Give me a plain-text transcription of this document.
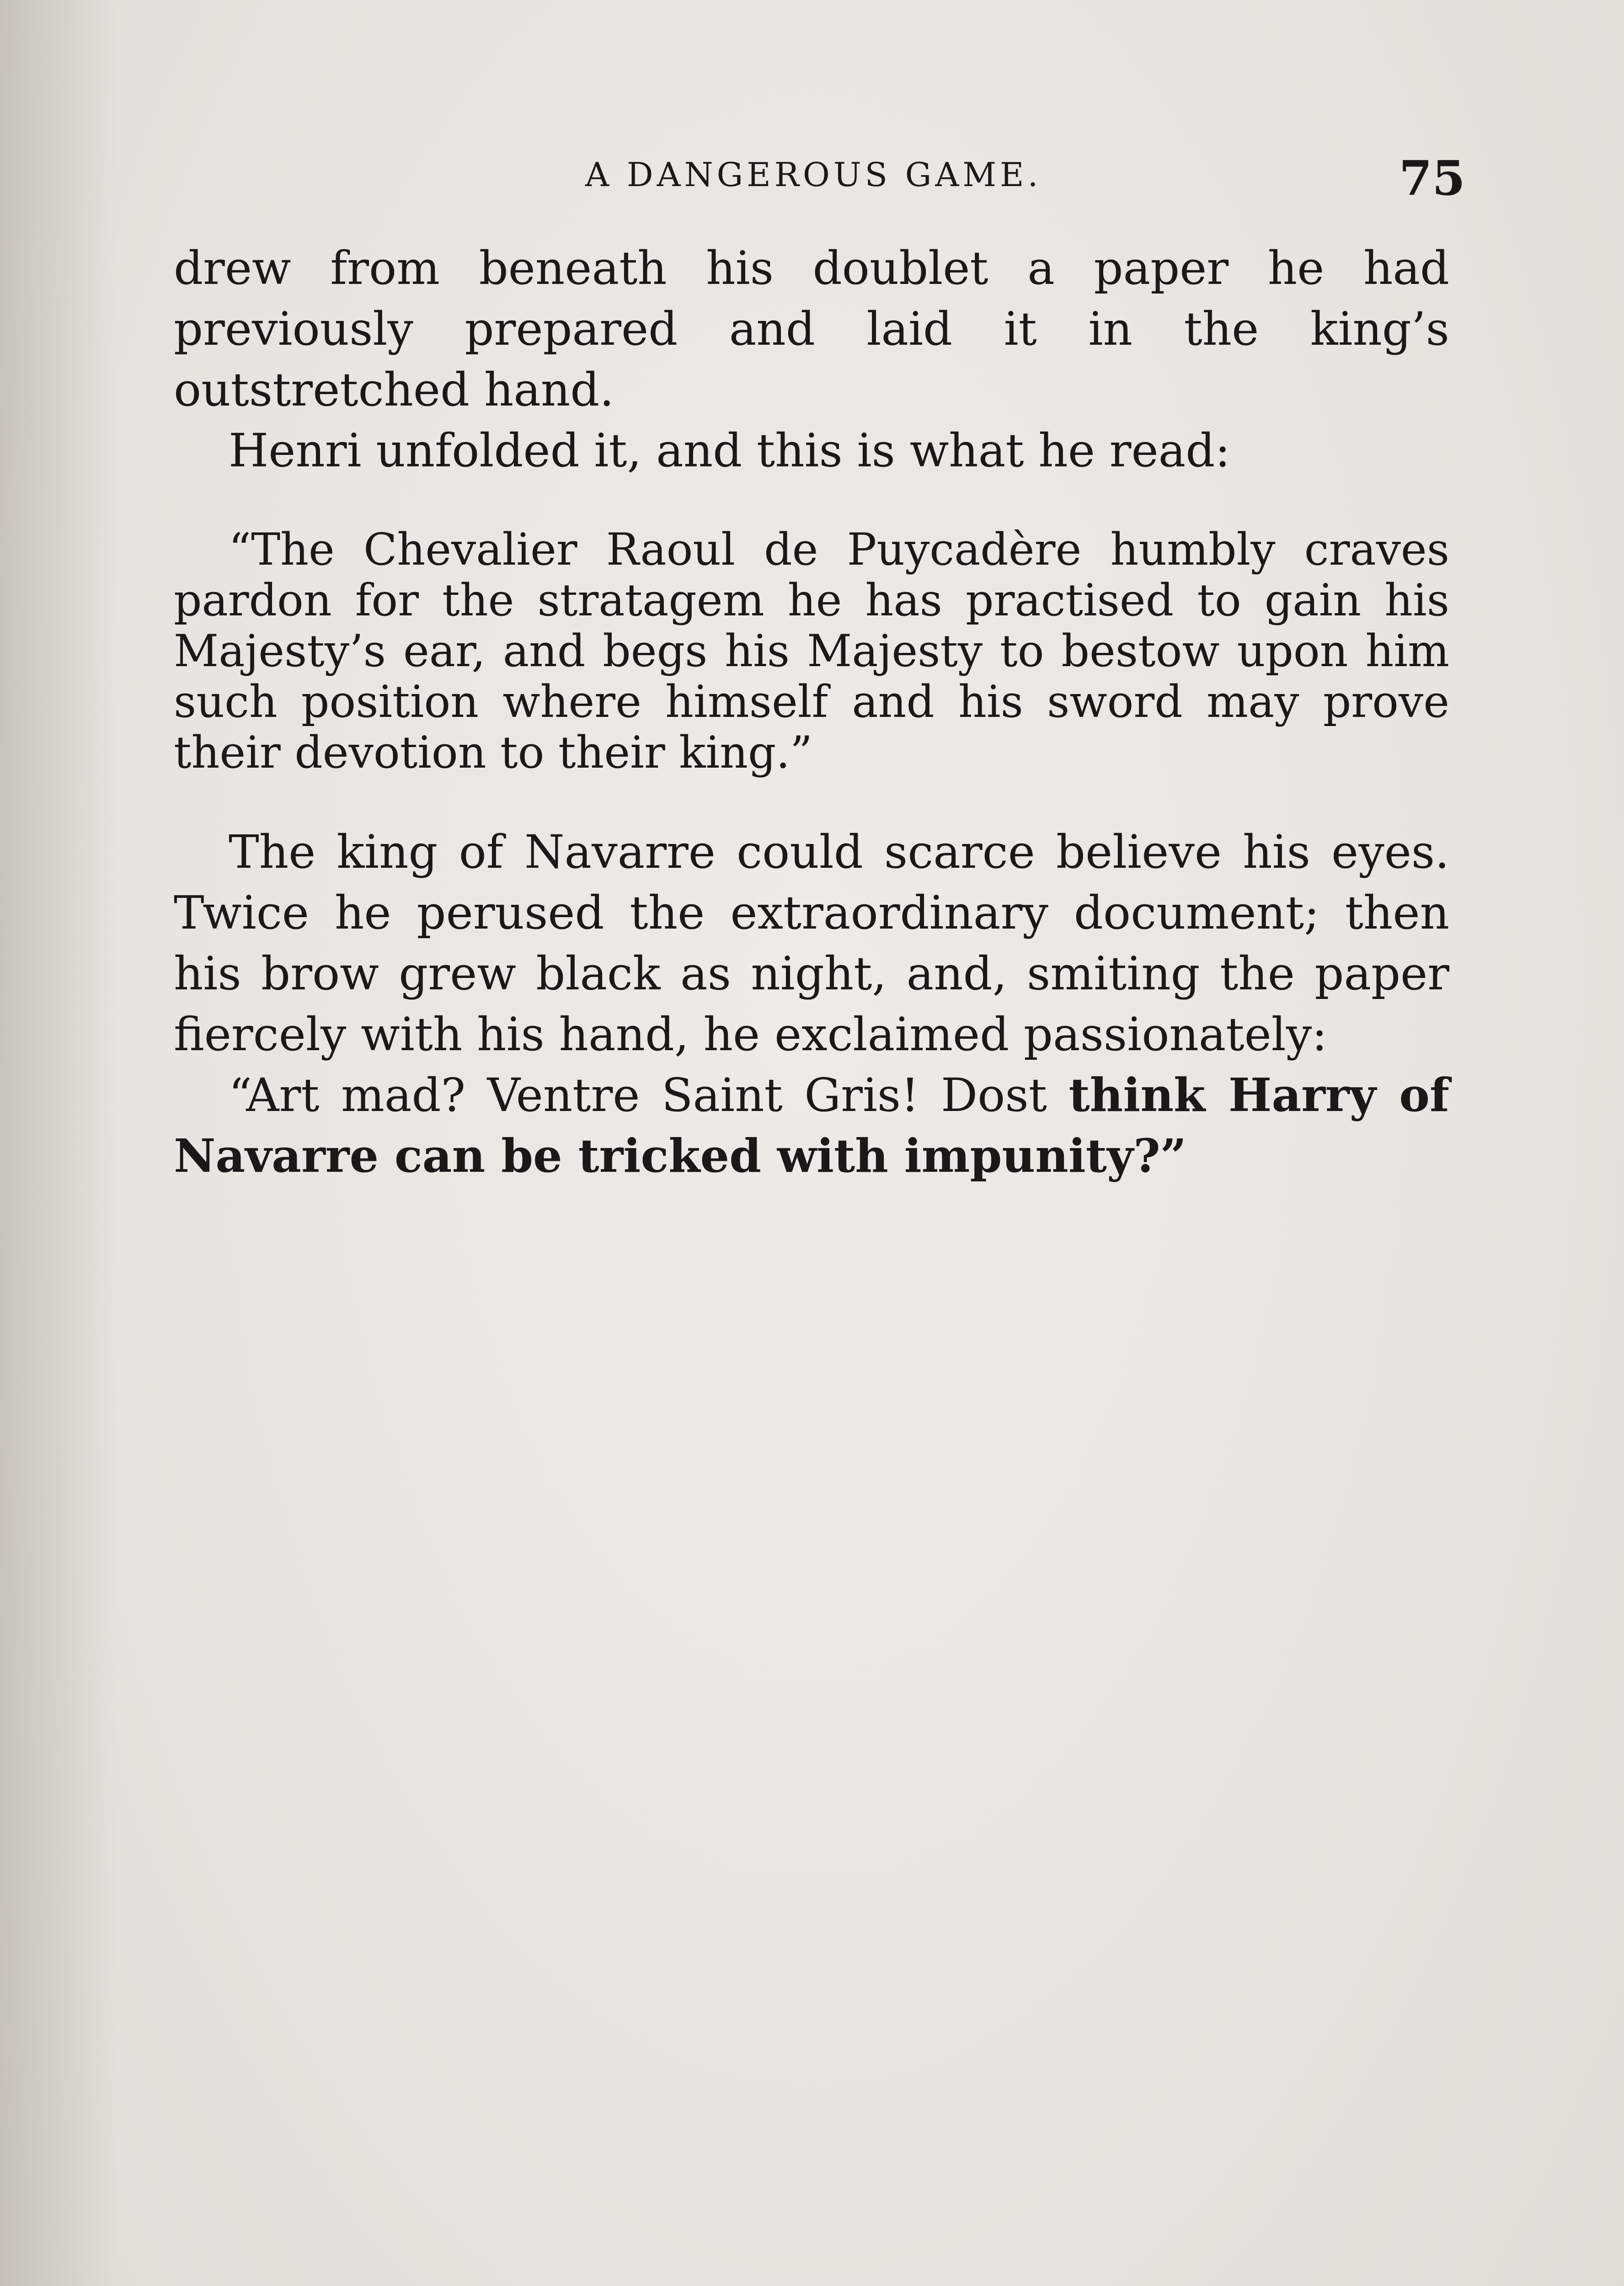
A DANGEROUS GAME.	75

drew from beneath his doublet a paper he had previously prepared and laid it in the king’s outstretched hand.

Henri unfolded it, and this is what he read:

“The Chevalier Raoul de Puycadère humbly craves pardon for the stratagem he has practised to gain his Majesty’s ear, and begs his Majesty to bestow upon him such position where himself and his sword may prove their devotion to their king.”

The king of Navarre could scarce believe his eyes. Twice he perused the extraordinary document; then his brow grew black as night, and, smiting the paper fiercely with his hand, he exclaimed passionately:

“Art mad? Ventre Saint Gris! Dost think Harry of Navarre can be tricked with impunity?”
